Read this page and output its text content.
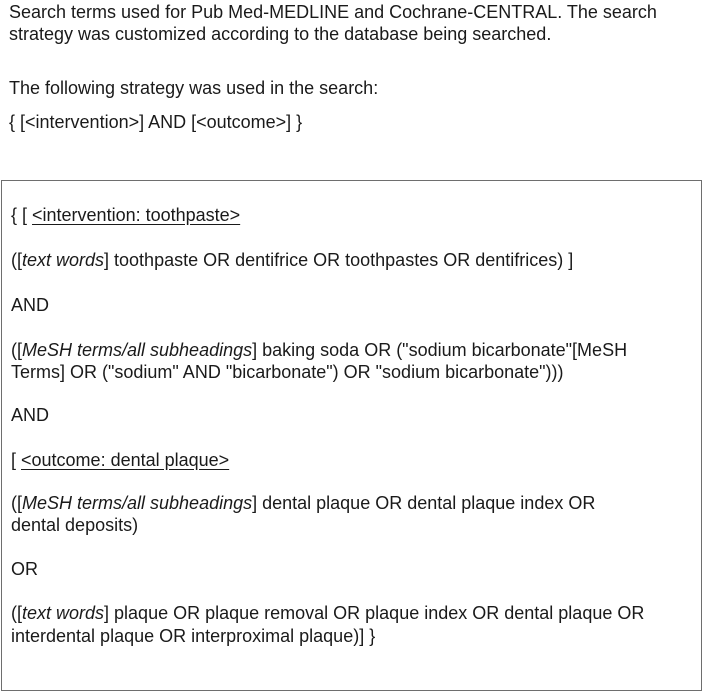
Search terms used for Pub Med-MEDLINE and Cochrane-CENTRAL. The search
strategy was customized according to the database being searched.
The following strategy was used in the search:
{ [<intervention>] AND [<outcome>] }
{ [ <intervention: toothpaste>
([text words] toothpaste OR dentifrice OR toothpastes OR dentifrices) ]
AND
([MeSH terms/all subheadings] baking soda OR ("sodium bicarbonate"[MeSH
Terms] OR ("sodium" AND "bicarbonate") OR "sodium bicarbonate")))
AND
[ <outcome: dental plaque>
([MeSH terms/all subheadings] dental plaque OR dental plaque index OR
dental deposits)
OR
([text words] plaque OR plaque removal OR plaque index OR dental plaque OR
interdental plaque OR interproximal plaque)] }
